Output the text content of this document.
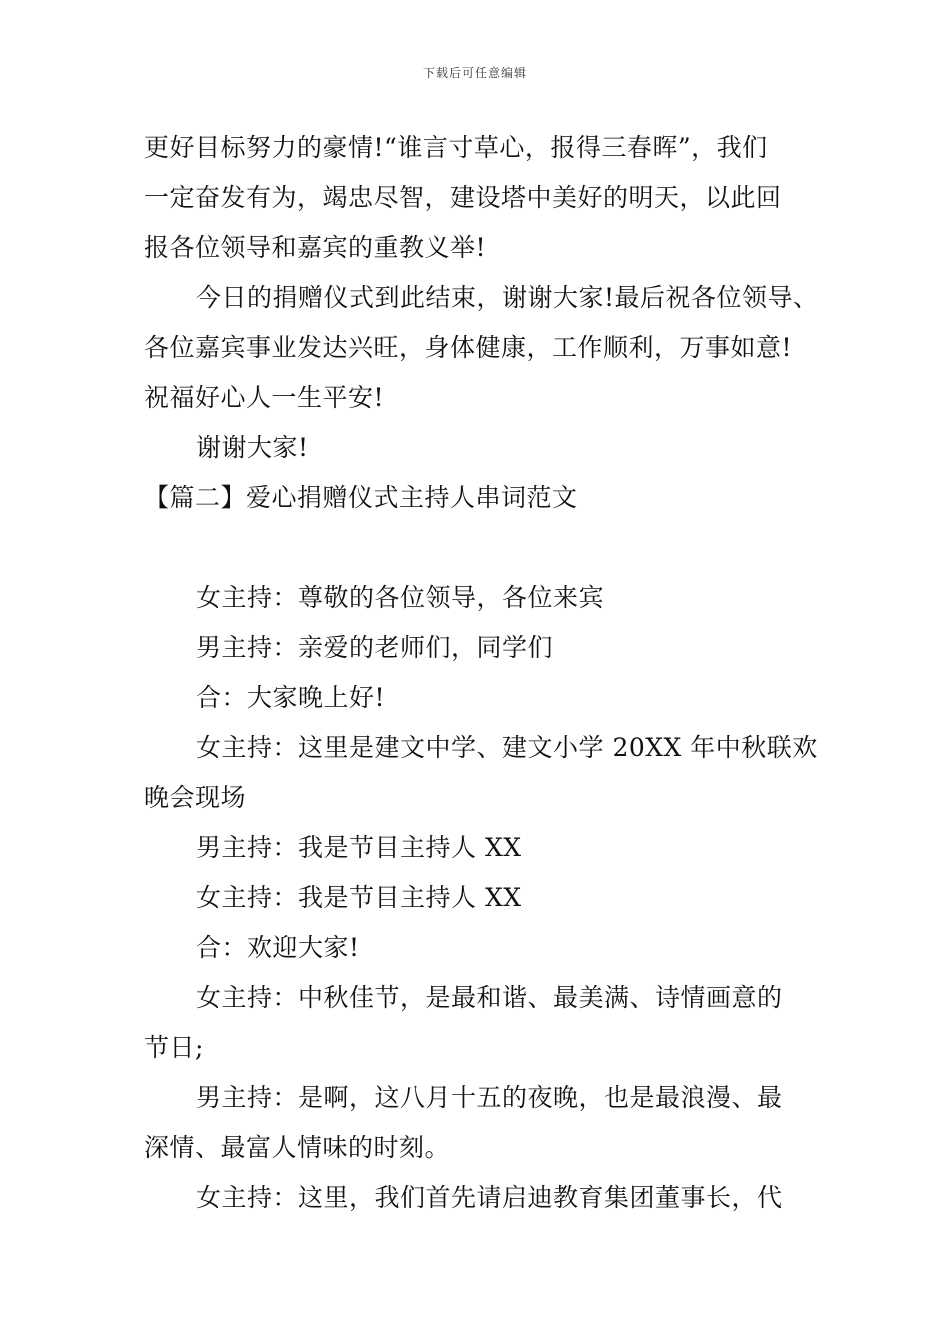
下载后可任意编辑
更好目标努力的豪情!“谁言寸草心，报得三春晖”，我们
一定奋发有为，竭忠尽智，建设塔中美好的明天，以此回
报各位领导和嘉宾的重教义举!
今日的捐赠仪式到此结束，谢谢大家!最后祝各位领导、
各位嘉宾事业发达兴旺，身体健康，工作顺利，万事如意!
祝福好心人一生平安!
谢谢大家!
【篇二】爱心捐赠仪式主持人串词范文
女主持：尊敬的各位领导，各位来宾
男主持：亲爱的老师们，同学们
合：大家晚上好!
女主持：这里是建文中学、建文小学 20XX 年中秋联欢
晚会现场
男主持：我是节目主持人 XX
女主持：我是节目主持人 XX
合：欢迎大家!
女主持：中秋佳节，是最和谐、最美满、诗情画意的
节日;
男主持：是啊，这八月十五的夜晚，也是最浪漫、最
深情、最富人情味的时刻。
女主持：这里，我们首先请启迪教育集团董事长，代
